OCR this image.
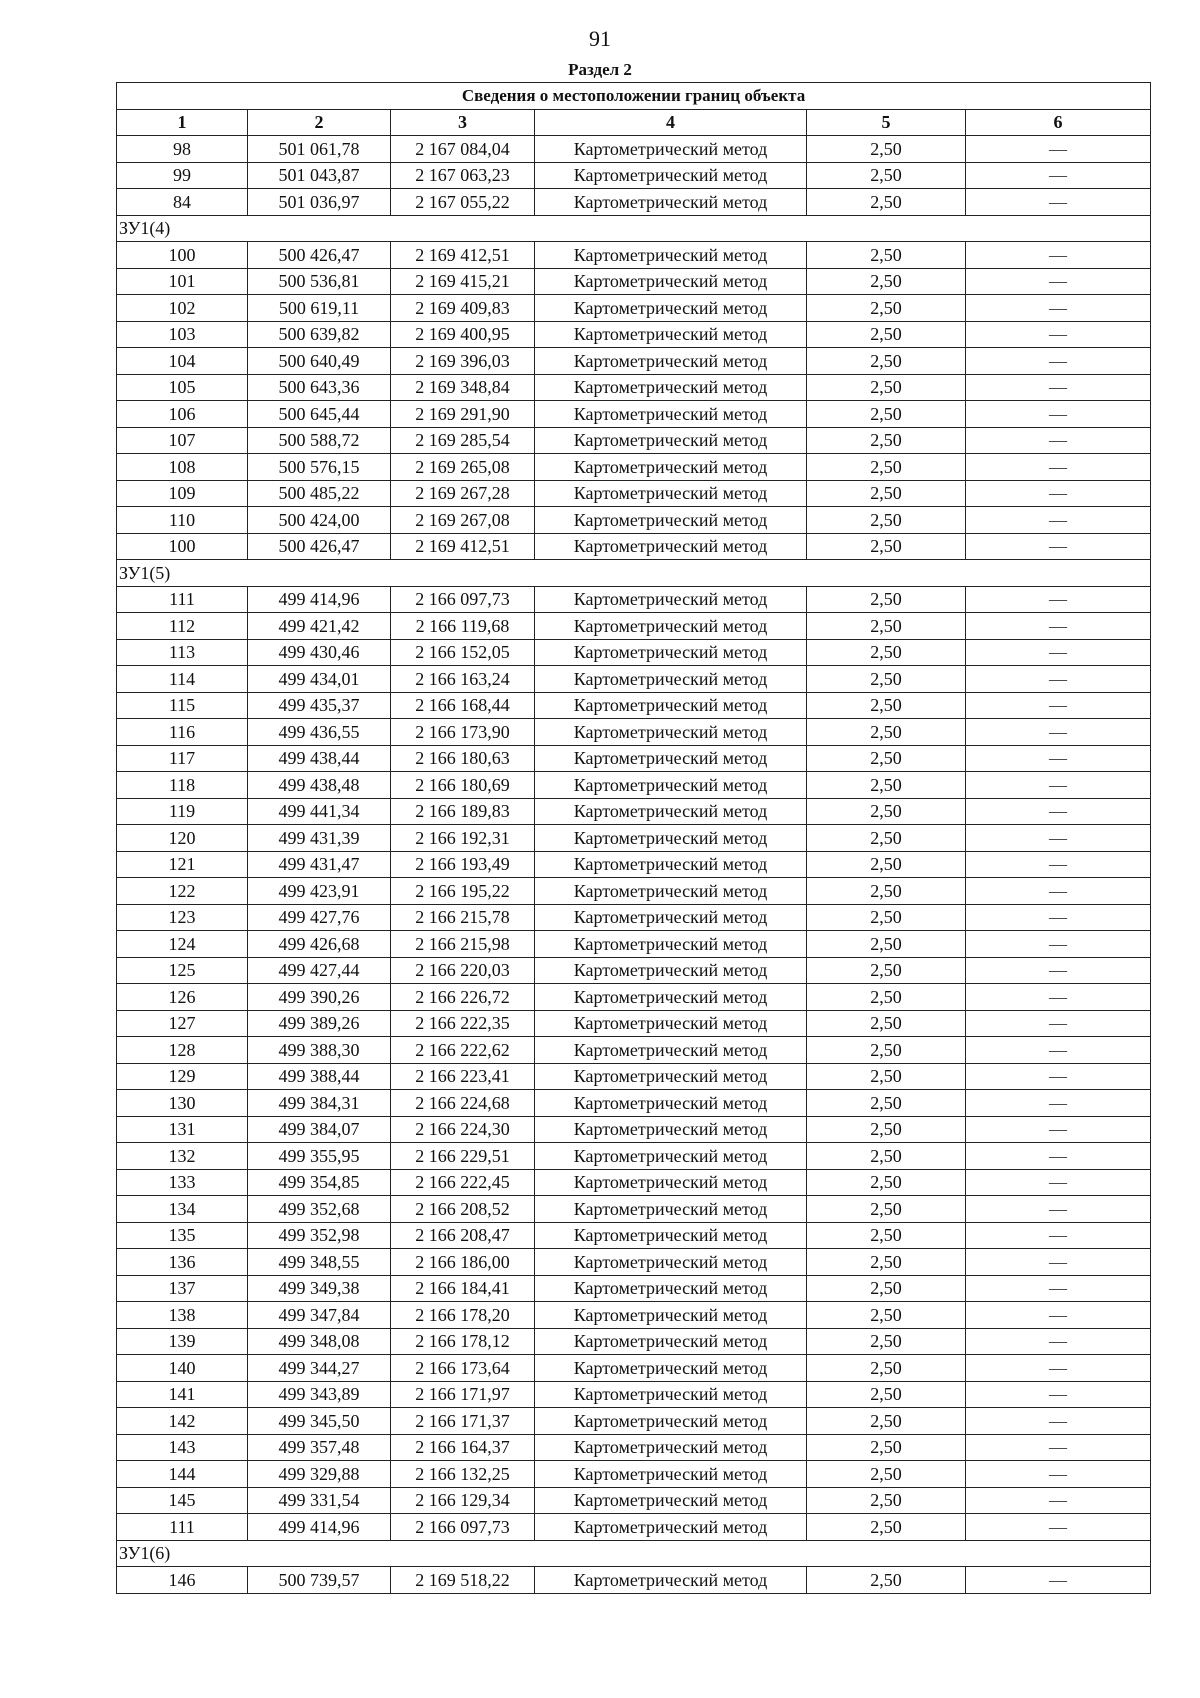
91
Раздел 2
Сведения о местоположении границ объекта					
1	2	3	4	5	6
98	501 061,78	2 167 084,04	Картометрический метод	2,50	—
99	501 043,87	2 167 063,23	Картометрический метод	2,50	—
84	501 036,97	2 167 055,22	Картометрический метод	2,50	—
ЗУ1(4)					
100	500 426,47	2 169 412,51	Картометрический метод	2,50	—
101	500 536,81	2 169 415,21	Картометрический метод	2,50	—
102	500 619,11	2 169 409,83	Картометрический метод	2,50	—
103	500 639,82	2 169 400,95	Картометрический метод	2,50	—
104	500 640,49	2 169 396,03	Картометрический метод	2,50	—
105	500 643,36	2 169 348,84	Картометрический метод	2,50	—
106	500 645,44	2 169 291,90	Картометрический метод	2,50	—
107	500 588,72	2 169 285,54	Картометрический метод	2,50	—
108	500 576,15	2 169 265,08	Картометрический метод	2,50	—
109	500 485,22	2 169 267,28	Картометрический метод	2,50	—
110	500 424,00	2 169 267,08	Картометрический метод	2,50	—
100	500 426,47	2 169 412,51	Картометрический метод	2,50	—
ЗУ1(5)					
111	499 414,96	2 166 097,73	Картометрический метод	2,50	—
112	499 421,42	2 166 119,68	Картометрический метод	2,50	—
113	499 430,46	2 166 152,05	Картометрический метод	2,50	—
114	499 434,01	2 166 163,24	Картометрический метод	2,50	—
115	499 435,37	2 166 168,44	Картометрический метод	2,50	—
116	499 436,55	2 166 173,90	Картометрический метод	2,50	—
117	499 438,44	2 166 180,63	Картометрический метод	2,50	—
118	499 438,48	2 166 180,69	Картометрический метод	2,50	—
119	499 441,34	2 166 189,83	Картометрический метод	2,50	—
120	499 431,39	2 166 192,31	Картометрический метод	2,50	—
121	499 431,47	2 166 193,49	Картометрический метод	2,50	—
122	499 423,91	2 166 195,22	Картометрический метод	2,50	—
123	499 427,76	2 166 215,78	Картометрический метод	2,50	—
124	499 426,68	2 166 215,98	Картометрический метод	2,50	—
125	499 427,44	2 166 220,03	Картометрический метод	2,50	—
126	499 390,26	2 166 226,72	Картометрический метод	2,50	—
127	499 389,26	2 166 222,35	Картометрический метод	2,50	—
128	499 388,30	2 166 222,62	Картометрический метод	2,50	—
129	499 388,44	2 166 223,41	Картометрический метод	2,50	—
130	499 384,31	2 166 224,68	Картометрический метод	2,50	—
131	499 384,07	2 166 224,30	Картометрический метод	2,50	—
132	499 355,95	2 166 229,51	Картометрический метод	2,50	—
133	499 354,85	2 166 222,45	Картометрический метод	2,50	—
134	499 352,68	2 166 208,52	Картометрический метод	2,50	—
135	499 352,98	2 166 208,47	Картометрический метод	2,50	—
136	499 348,55	2 166 186,00	Картометрический метод	2,50	—
137	499 349,38	2 166 184,41	Картометрический метод	2,50	—
138	499 347,84	2 166 178,20	Картометрический метод	2,50	—
139	499 348,08	2 166 178,12	Картометрический метод	2,50	—
140	499 344,27	2 166 173,64	Картометрический метод	2,50	—
141	499 343,89	2 166 171,97	Картометрический метод	2,50	—
142	499 345,50	2 166 171,37	Картометрический метод	2,50	—
143	499 357,48	2 166 164,37	Картометрический метод	2,50	—
144	499 329,88	2 166 132,25	Картометрический метод	2,50	—
145	499 331,54	2 166 129,34	Картометрический метод	2,50	—
111	499 414,96	2 166 097,73	Картометрический метод	2,50	—
ЗУ1(6)					
146	500 739,57	2 169 518,22	Картометрический метод	2,50	—
